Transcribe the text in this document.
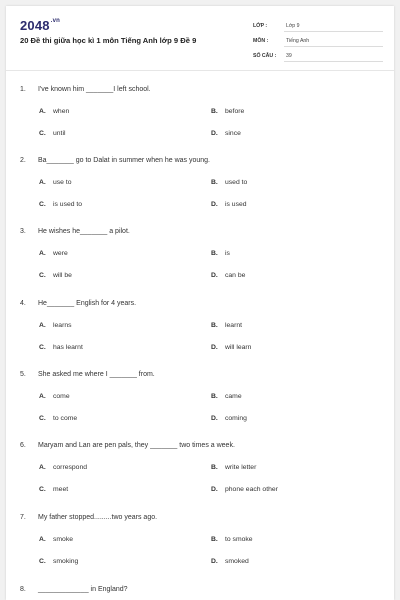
$2048^{.vn}$
20 Đề thi giữa học kì 1 môn Tiếng Anh lớp 9 Đề 9
LỚP :	Lớp 9
MÔN :	Tiếng Anh
SỐ CÂU :	39
1. I've known him _______I left school.
A. when	B. before
C. until	D. since
2. Ba_______ go to Dalat in summer when he was young.
A. use to	B. used to
C. is used to	D. is used
3. He wishes he_______ a pilot.
A. were	B. is
C. will be	D. can be
4. He_______ English for 4 years.
A. learns	B. learnt
C. has learnt	D. will learn
5. She asked me where I _______ from.
A. come	B. came
C. to come	D. coming
6. Maryam and Lan are pen pals, they _______ two times a week.
A. correspond	B. write letter
C. meet	D. phone each other
7. My father stopped.........two years ago.
A. smoke	B. to smoke
C. smoking	D. smoked
8. _____________ in England?
